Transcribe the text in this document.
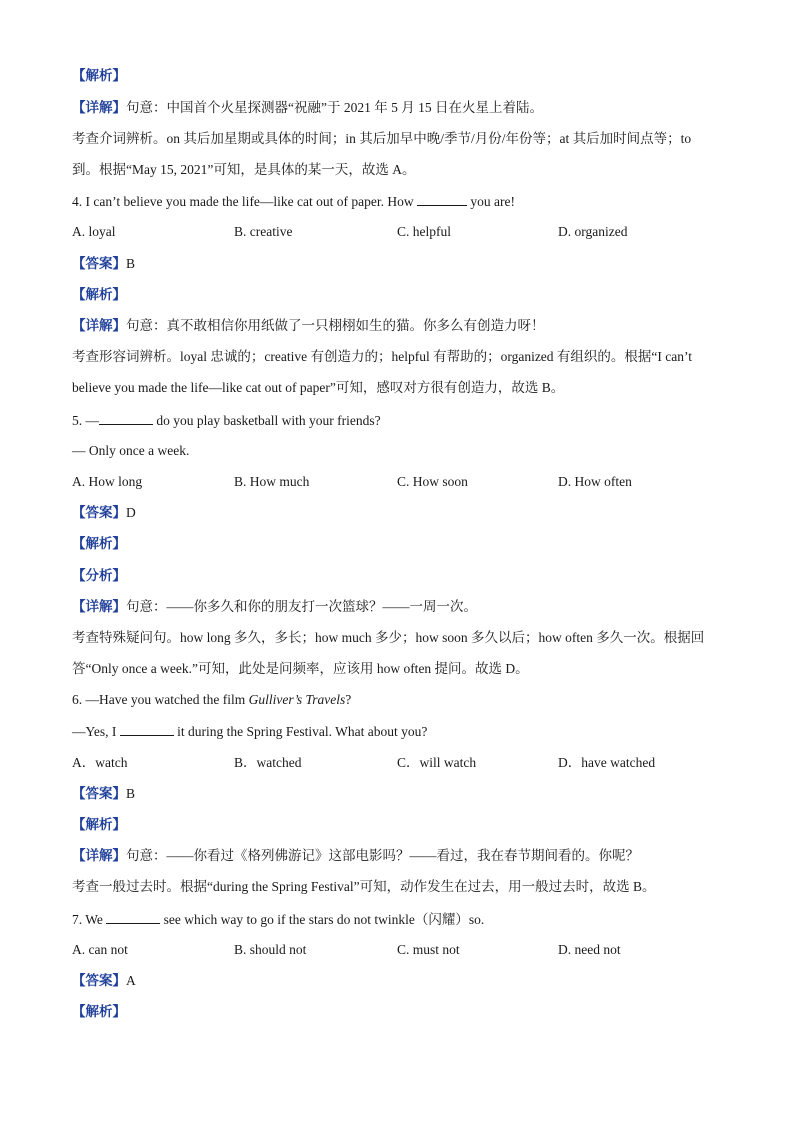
【解析】
【详解】句意：中国首个火星探测器“祝融”于 2021 年 5 月 15 日在火星上着陆。
考查介词辨析。on 其后加星期或具体的时间；in 其后加早中晚/季节/月份/年份等；at 其后加时间点等；to
到。根据“May 15, 2021”可知，是具体的某一天，故选 A。
4. I can’t believe you made the life—like cat out of paper. How	you are!
A. loyal	B. creative	C. helpful	D. organized
【答案】B
【解析】
【详解】句意：真不敢相信你用纸做了一只栩栩如生的猫。你多么有创造力呀！
考查形容词辨析。loyal 忠诚的；creative 有创造力的；helpful 有帮助的；organized 有组织的。根据“I can’t
believe you made the life—like cat out of paper”可知，感叹对方很有创造力，故选 B。
5. —	do you play basketball with your friends?
— Only once a week.
A. How long	B. How much	C. How soon	D. How often
【答案】D
【解析】
【分析】
【详解】句意：——你多久和你的朋友打一次篮球？——一周一次。
考查特殊疑问句。how long 多久，多长；how much 多少；how soon 多久以后；how often 多久一次。根据回
答“Only once a week.”可知，此处是问频率，应该用 how often 提问。故选 D。
6. —Have you watched the film Gulliver’s Travels?
—Yes, I	it during the Spring Festival. What about you?
A．watch	B．watched	C．will watch	D．have watched
【答案】B
【解析】
【详解】句意：——你看过《格列佛游记》这部电影吗？——看过，我在春节期间看的。你呢？
考查一般过去时。根据“during the Spring Festival”可知，动作发生在过去，用一般过去时，故选 B。
7. We	see which way to go if the stars do not twinkle（闪耀）so.
A. can not	B. should not	C. must not	D. need not
【答案】A
【解析】
